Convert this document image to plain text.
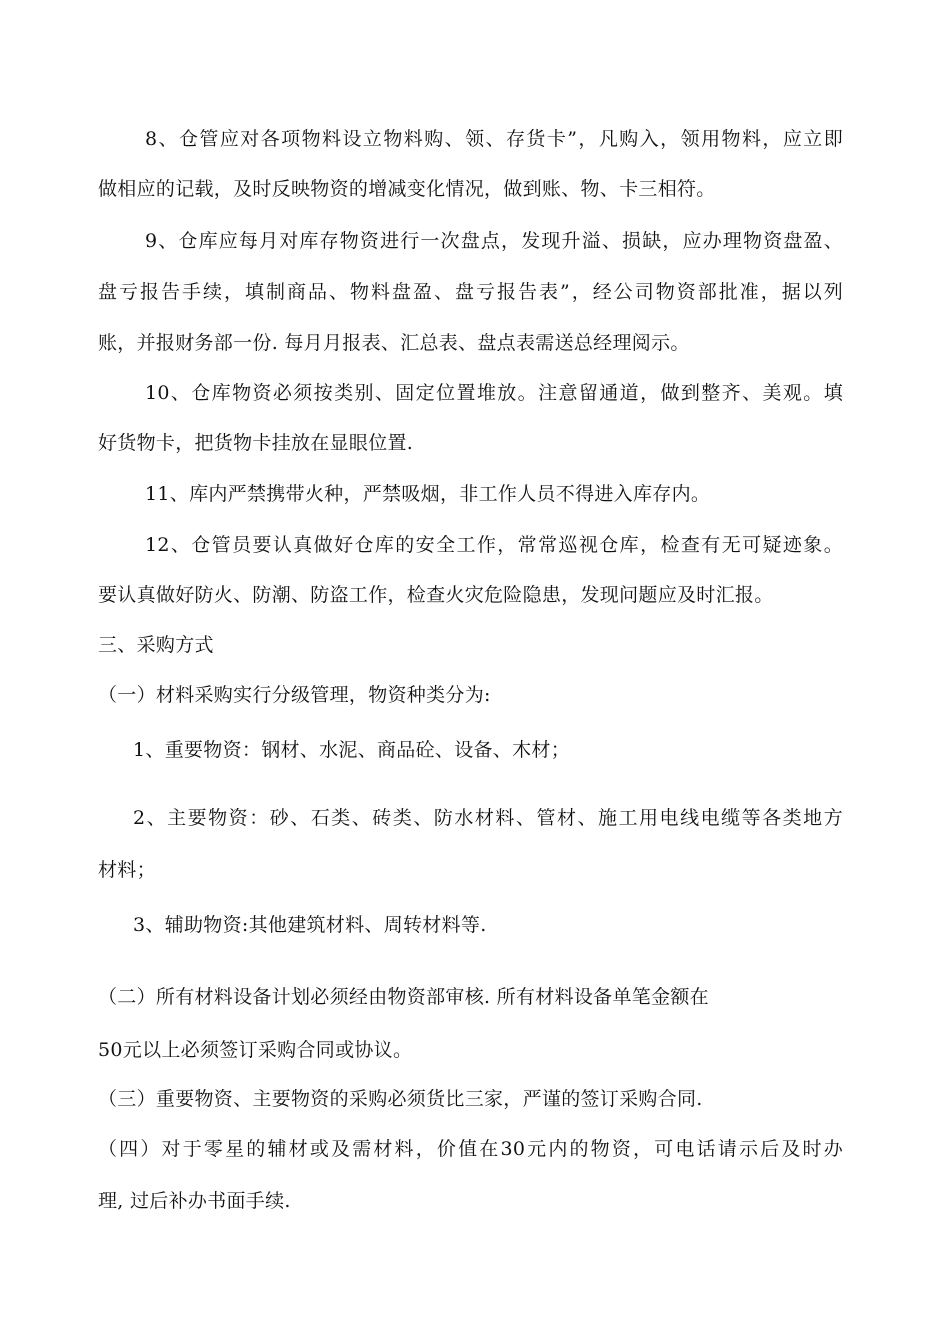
8、仓管应对各项物料设立物料购、领、存货卡”，凡购入，领用物料，应立即
做相应的记载，及时反映物资的增减变化情况，做到账、物、卡三相符。
9、仓库应每月对库存物资进行一次盘点，发现升溢、损缺，应办理物资盘盈、
盘亏报告手续，填制商品、物料盘盈、盘亏报告表”，经公司物资部批准，据以列
账，并报财务部一份. 每月月报表、汇总表、盘点表需送总经理阅示。
10、仓库物资必须按类别、固定位置堆放。注意留通道，做到整齐、美观。填
好货物卡，把货物卡挂放在显眼位置.
11、库内严禁携带火种，严禁吸烟，非工作人员不得进入库存内。
12、仓管员要认真做好仓库的安全工作，常常巡视仓库，检查有无可疑迹象。
要认真做好防火、防潮、防盗工作，检查火灾危险隐患，发现问题应及时汇报。
三、采购方式
（一）材料采购实行分级管理，物资种类分为:
1、重要物资：钢材、水泥、商品砼、设备、木材；
2、主要物资：砂、石类、砖类、防水材料、管材、施工用电线电缆等各类地方
材料；
3、辅助物资:其他建筑材料、周转材料等.
（二）所有材料设备计划必须经由物资部审核. 所有材料设备单笔金额在
50元以上必须签订采购合同或协议。
（三）重要物资、主要物资的采购必须货比三家，严谨的签订采购合同.
（四）对于零星的辅材或及需材料，价值在30元内的物资，可电话请示后及时办
理, 过后补办书面手续.
